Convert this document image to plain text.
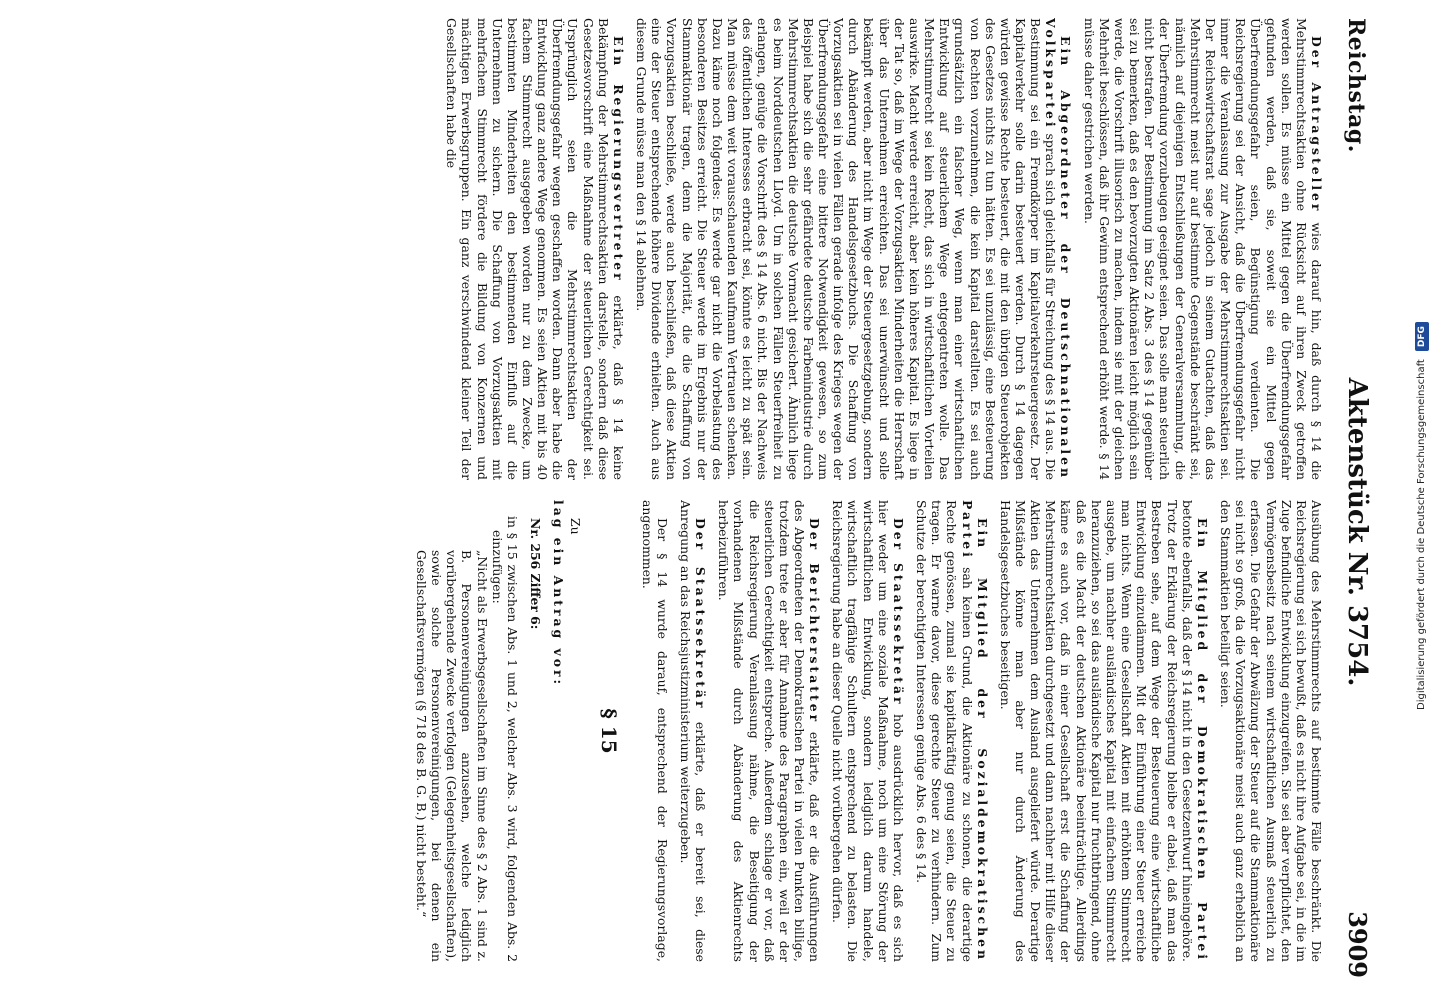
Reichstag.
Aktenstück Nr. 3754.
3909

Der Antragsteller wies darauf hin, daß durch § 14 die Mehrstimmrechtsaktien ohne Rücksicht auf ihren Zweck getroffen werden sollen. Es müsse ein Mittel gegen die Überfremdungsgefahr gefunden werden, daß sie, soweit sie ein Mittel gegen Überfremdungsgefahr seien, Begünstigung verdienten. Die Reichsregierung sei der Ansicht, daß die Überfremdungsgefahr nicht immer die Veranlassung zur Ausgabe der Mehrstimmrechtsaktien sei. Der Reichswirtschaftsrat sage jedoch in seinem Gutachten, daß das Mehrstimmrecht meist nur auf bestimmte Gegenstände beschränkt sei, nämlich auf diejenigen Entschließungen der Generalversammlung, die der Überfremdung vorzubeugen geeignet seien. Das solle man steuerlich nicht bestrafen. Der Bestimmung im Satz 2 Abs. 3 des § 14 gegenüber sei zu bemerken, daß es den bevorzugten Aktionären leicht möglich sein werde, die Vorschrift illusorisch zu machen, indem sie mit der gleichen Mehrheit beschlössen, daß ihr Gewinn entsprechend erhöht werde. § 14 müsse daher gestrichen werden.

Ein Abgeordneter der Deutschnationalen Volkspartei sprach sich gleichfalls für Streichung des § 14 aus. Die Bestimmung sei ein Fremdkörper im Kapitalverkehrsteuergesetz. Der Kapitalverkehr solle darin besteuert werden. Durch § 14 dagegen würden gewisse Rechte besteuert, die mit den übrigen Steuerobjekten des Gesetzes nichts zu tun hätten. Es sei unzulässig, eine Besteuerung von Rechten vorzunehmen, die kein Kapital darstellten. Es sei auch grundsätzlich ein falscher Weg, wenn man einer wirtschaftlichen Entwicklung auf steuerlichem Wege entgegentreten wolle. Das Mehrstimmrecht sei kein Recht, das sich in wirtschaftlichen Vorteilen auswirke. Macht werde erreicht, aber kein höheres Kapital. Es liege in der Tat so, daß im Wege der Vorzugsaktien Minderheiten die Herrschaft über das Unternehmen erreichten. Das sei unerwünscht und solle bekämpft werden, aber nicht im Wege der Steuergesetzgebung, sondern durch Abänderung des Handelsgesetzbuchs. Die Schaffung von Vorzugsaktien sei in vielen Fällen gerade infolge des Krieges wegen der Überfremdungsgefahr eine bittere Notwendigkeit gewesen, so zum Beispiel habe sich die sehr gefährdete deutsche Farbenindustrie durch Mehrstimmrechtsaktien die deutsche Vormacht gesichert. Ähnlich liege es beim Norddeutschen Lloyd. Um in solchen Fällen Steuerfreiheit zu erlangen, genüge die Vorschrift des § 14 Abs. 6 nicht. Bis der Nachweis des öffentlichen Interesses erbracht sei, könnte es leicht zu spät sein. Man müsse dem weit vorausschauenden Kaufmann Vertrauen schenken. Dazu käme noch folgendes: Es werde gar nicht die Vorbelastung des besonderen Besitzes erreicht. Die Steuer werde im Ergebnis nur der Stammaktionär tragen, denn die Majorität, die die Schaffung von Vorzugsaktien beschließe, werde auch beschließen, daß diese Aktien eine der Steuer entsprechende höhere Dividende erhielten. Auch aus diesem Grunde müsse man den § 14 ablehnen.

Ein Regierungsvertreter erklärte, daß § 14 keine Bekämpfung der Mehrstimmrechtsaktien darstelle, sondern daß diese Gesetzesvorschrift eine Maßnahme der steuerlichen Gerechtigkeit sei. Ursprünglich seien die Mehrstimmrechtsaktien der Überfremdungsgefahr wegen geschaffen worden. Dann aber habe die Entwicklung ganz andere Wege genommen. Es seien Aktien mit bis 40 fachem Stimmrecht ausgegeben worden nur zu dem Zwecke, um bestimmten Minderheiten den bestimmenden Einfluß auf die Unternehmen zu sichern. Die Schaffung von Vorzugsaktien mit mehrfachem Stimmrecht fördere die Bildung von Konzernen und mächtigen Erwerbsgruppen. Ein ganz verschwindend kleiner Teil der Gesellschaften habe die

Ausübung des Mehrstimmrechts auf bestimmte Fälle beschränkt. Die Reichsregierung sei sich bewußt, daß es nicht ihre Aufgabe sei, in die im Zuge befindliche Entwicklung einzugreifen. Sie sei aber verpflichtet, den Vermögensbesitz nach seinem wirtschaftlichen Ausmaß steuerlich zu erfassen. Die Gefahr der Abwälzung der Steuer auf die Stammaktionäre sei nicht so groß, da die Vorzugsaktionäre meist auch ganz erheblich an den Stammaktien beteiligt seien.

Ein Mitglied der Demokratischen Partei betonte ebenfalls, daß der § 14 nicht in den Gesetzentwurf hineingehöre. Trotz der Erklärung der Reichsregierung bleibe er dabei, daß man das Bestreben sehe, auf dem Wege der Besteuerung eine wirtschaftliche Entwicklung einzudämmen. Mit der Einführung einer Steuer erreiche man nichts. Wenn eine Gesellschaft Aktien mit erhöhtem Stimmrecht ausgebe, um nachher ausländisches Kapital mit einfachem Stimmrecht heranzuziehen, so sei das ausländische Kapital nur fruchtbringend, ohne daß es die Macht der deutschen Aktionäre beeinträchtige. Allerdings käme es auch vor, daß in einer Gesellschaft erst die Schaffung der Mehrstimmrechtsaktien durchgesetzt und dann nachher mit Hilfe dieser Aktien das Unternehmen dem Ausland ausgeliefert würde. Derartige Mißstände könne man aber nur durch Änderung des Handelsgesetzbuches beseitigen.

Ein Mitglied der Sozialdemokratischen Partei sah keinen Grund, die Aktionäre zu schonen, die derartige Rechte genössen, zumal sie kapitalkräftig genug seien, die Steuer zu tragen. Er warne davor, diese gerechte Steuer zu verhindern. Zum Schutze der berechtigten Interessen genüge Abs. 6 des § 14.

Der Staatssekretär hob ausdrücklich hervor, daß es sich hier weder um eine soziale Maßnahme, noch um eine Störung der wirtschaftlichen Entwicklung, sondern lediglich darum handele, wirtschaftlich tragfähige Schultern entsprechend zu belasten. Die Reichsregierung habe an dieser Quelle nicht vorübergehen dürfen.

Der Berichterstatter erklärte, daß er die Ausführungen des Abgeordneten der Demokratischen Partei in vielen Punkten billige, trotzdem trete er aber für Annahme des Paragraphen ein, weil er der steuerlichen Gerechtigkeit entspreche. Außerdem schlage er vor, daß die Reichsregierung Veranlassung nähme, die Beseitigung der vorhandenen Mißstände durch Abänderung des Aktienrechts herbeizuführen.

Der Staatssekretär erklärte, daß er bereit sei, diese Anregung an das Reichsjustizministerium weiterzugeben.

Der § 14 wurde darauf, entsprechend der Regierungsvorlage, angenommen.

§ 15

Zu

lag ein Antrag vor:

Nr. 256 Ziffer 6:

in § 15 zwischen Abs. 1 und 2, welcher Abs. 3 wird, folgenden Abs. 2 einzufügen:

„Nicht als Erwerbsgesellschaften im Sinne des § 2 Abs. 1 sind z. B. Personenvereinigungen anzusehen, welche lediglich vorübergehende Zwecke verfolgen (Gelegenheitsgesellschaften), sowie solche Personenvereinigungen, bei denen ein Gesellschaftsvermögen (§ 718 des B. G. B.) nicht besteht.“

Digitalisierung gefördert durch die Deutsche Forschungsgemeinschaft
DFG
